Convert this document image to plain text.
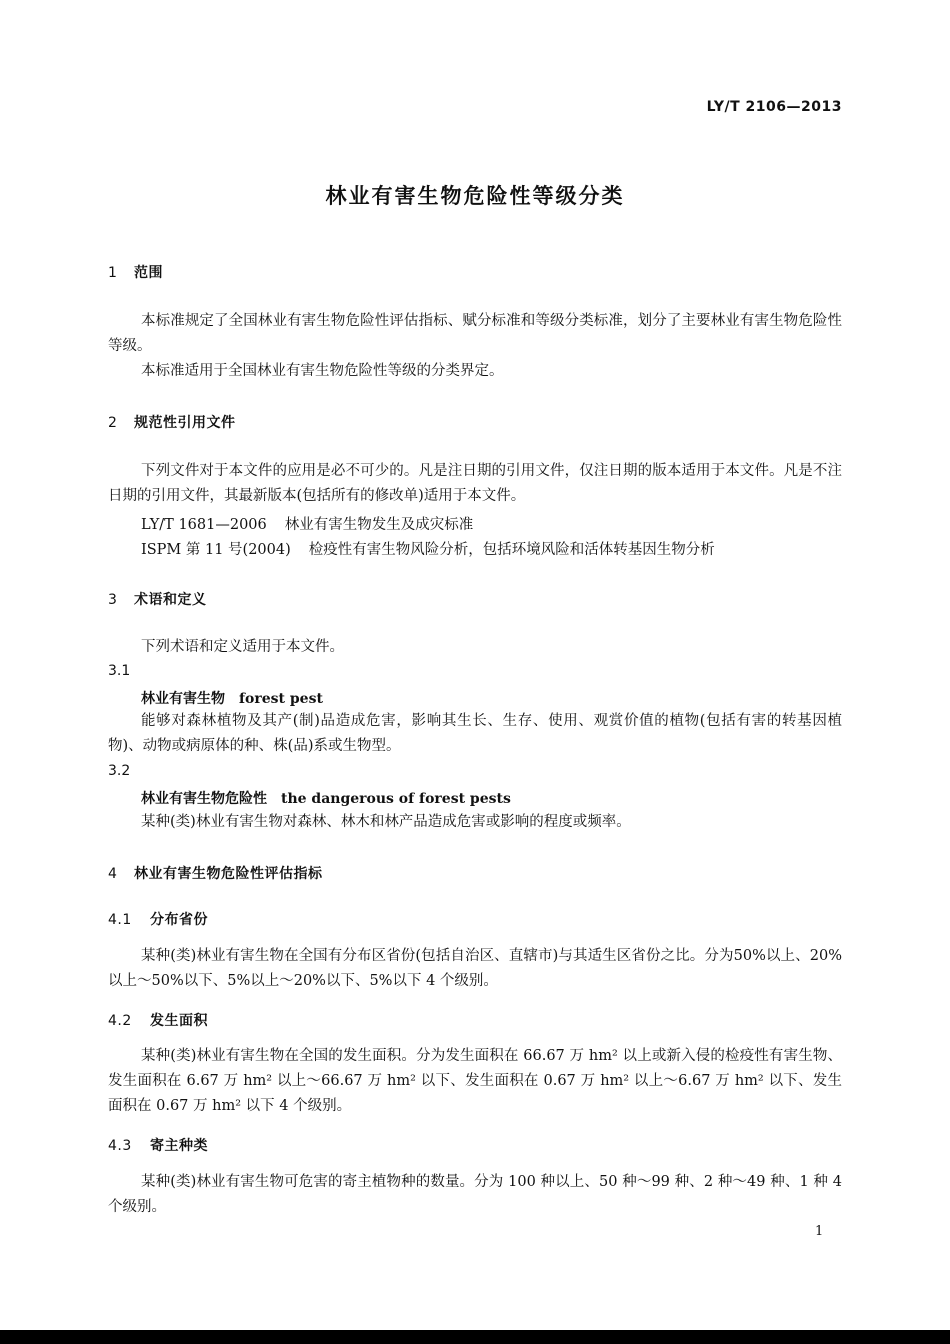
LY/T 2106—2013
林业有害生物危险性等级分类
1 范围
本标准规定了全国林业有害生物危险性评估指标、赋分标准和等级分类标准，划分了主要林业有害生物危险性等级。
本标准适用于全国林业有害生物危险性等级的分类界定。
2 规范性引用文件
下列文件对于本文件的应用是必不可少的。凡是注日期的引用文件，仅注日期的版本适用于本文件。凡是不注日期的引用文件，其最新版本(包括所有的修改单)适用于本文件。
LY/T 1681—2006 林业有害生物发生及成灾标准
ISPM 第 11 号(2004) 检疫性有害生物风险分析，包括环境风险和活体转基因生物分析
3 术语和定义
下列术语和定义适用于本文件。
3.1
林业有害生物 forest pest
能够对森林植物及其产(制)品造成危害，影响其生长、生存、使用、观赏价值的植物(包括有害的转基因植物)、动物或病原体的种、株(品)系或生物型。
3.2
林业有害生物危险性 the dangerous of forest pests
某种(类)林业有害生物对森林、林木和林产品造成危害或影响的程度或频率。
4 林业有害生物危险性评估指标
4.1 分布省份
某种(类)林业有害生物在全国有分布区省份(包括自治区、直辖市)与其适生区省份之比。分为50%以上、20%以上～50%以下、5%以上～20%以下、5%以下 4 个级别。
4.2 发生面积
某种(类)林业有害生物在全国的发生面积。分为发生面积在 66.67 万 hm² 以上或新入侵的检疫性有害生物、发生面积在 6.67 万 hm² 以上～66.67 万 hm² 以下、发生面积在 0.67 万 hm² 以上～6.67 万 hm² 以下、发生面积在 0.67 万 hm² 以下 4 个级别。
4.3 寄主种类
某种(类)林业有害生物可危害的寄主植物种的数量。分为 100 种以上、50 种～99 种、2 种～49 种、1 种 4 个级别。
1
